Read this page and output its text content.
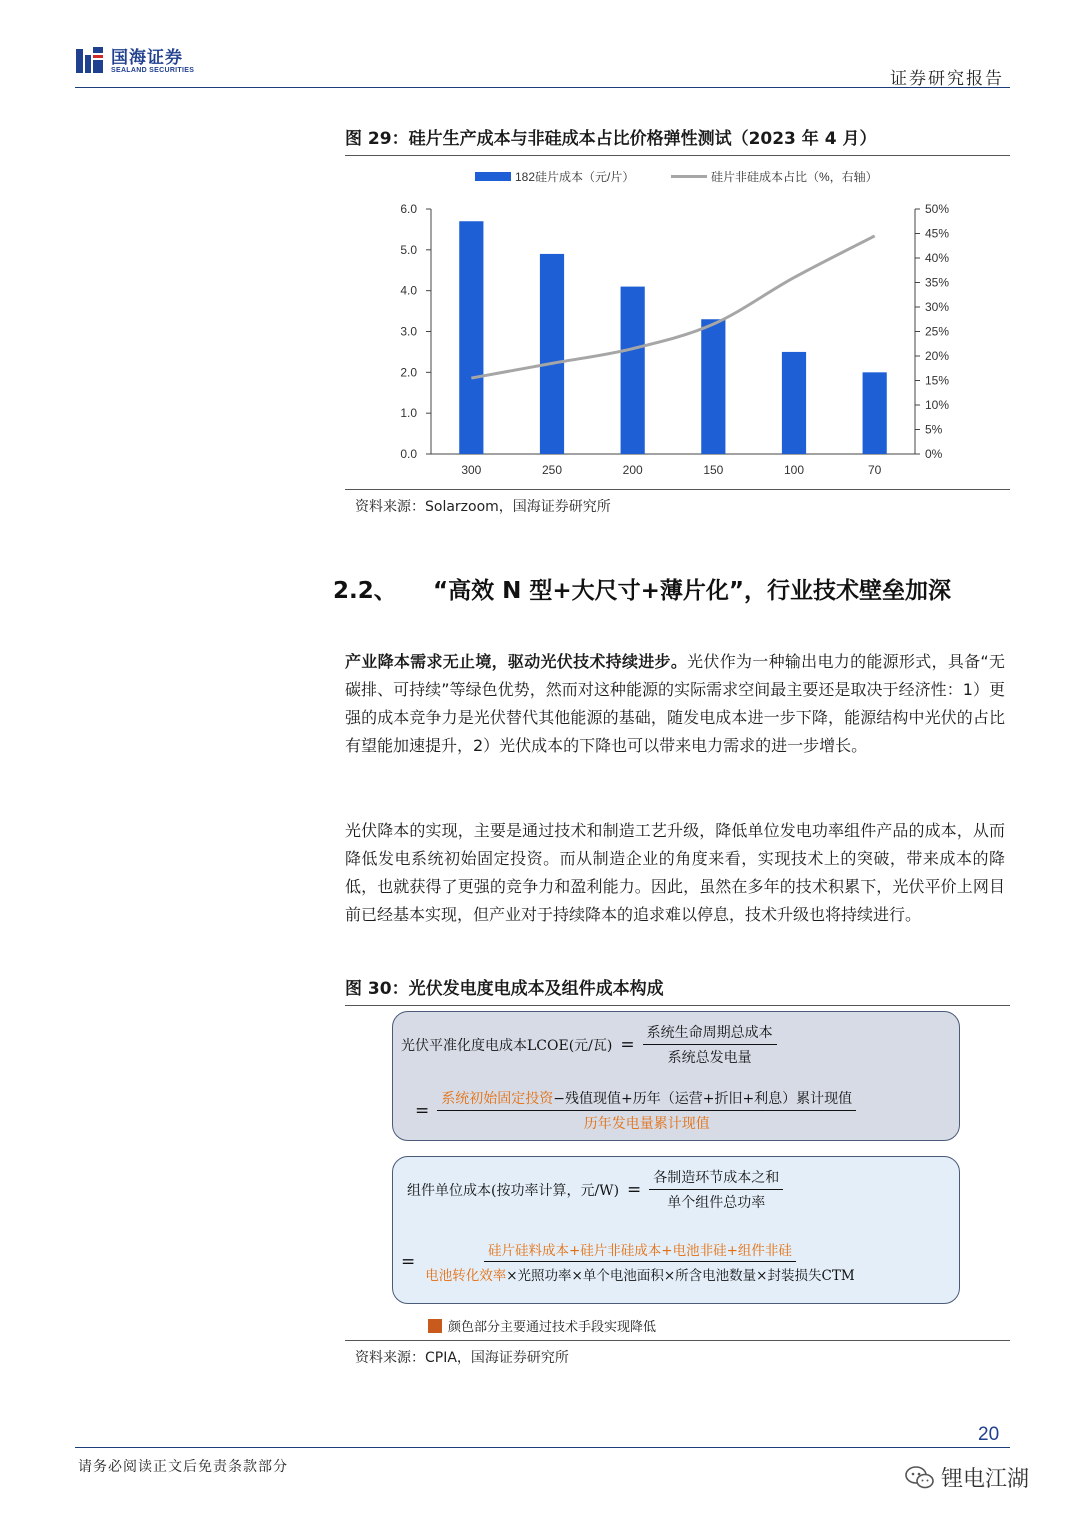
国海证券
SEALAND SECURITIES	证券研究报告
图 29：硅片生产成本与非硅成本占比价格弹性测试（2023 年 4 月）
182硅片成本（元/片）	硅片非硅成本占比（%，右轴）
0.0
1.0
2.0
3.0
4.0
5.0
6.0
0%
5%
10%
15%
20%
25%
30%
35%
40%
45%
50%
300	250	200	150	100	70
资料来源：Solarzoom，国海证券研究所
2.2、 “高效 N 型+大尺寸+薄片化”，行业技术壁垒加深
产业降本需求无止境，驱动光伏技术持续进步。光伏作为一种输出电力的能源形式，具备“无碳排、可持续”等绿色优势，然而对这种能源的实际需求空间最主要还是取决于经济性：1）更强的成本竞争力是光伏替代其他能源的基础，随发电成本进一步下降，能源结构中光伏的占比有望能加速提升，2）光伏成本的下降也可以带来电力需求的进一步增长。
光伏降本的实现，主要是通过技术和制造工艺升级，降低单位发电功率组件产品的成本，从而降低发电系统初始固定投资。而从制造企业的角度来看，实现技术上的突破，带来成本的降低，也就获得了更强的竞争力和盈利能力。因此，虽然在多年的技术积累下，光伏平价上网目前已经基本实现，但产业对于持续降本的追求难以停息，技术升级也将持续进行。
图 30：光伏发电度电成本及组件成本构成
光伏平准化度电成本LCOE(元/瓦) = $\frac{\text{系统生命周期总成本}}{\text{系统总发电量}}$
= $\frac{\text{系统初始固定投资−残值现值+历年（运营+折旧+利息）累计现值}}{\text{历年发电量累计现值}}$
组件单位成本(按功率计算，元$/W) = \frac{\text{各制造环节成本之和}}{\text{单个组件总功率}}$
= $\frac{\text{硅片硅料成本+硅片非硅成本+电池非硅+组件非硅}}{\text{电池转化效率×光照功率×单个电池面积×所含电池数量×封装损失CTM}}$
颜色部分主要通过技术手段实现降低
资料来源：CPIA，国海证券研究所
20
请务必阅读正文后免责条款部分	锂电江湖
